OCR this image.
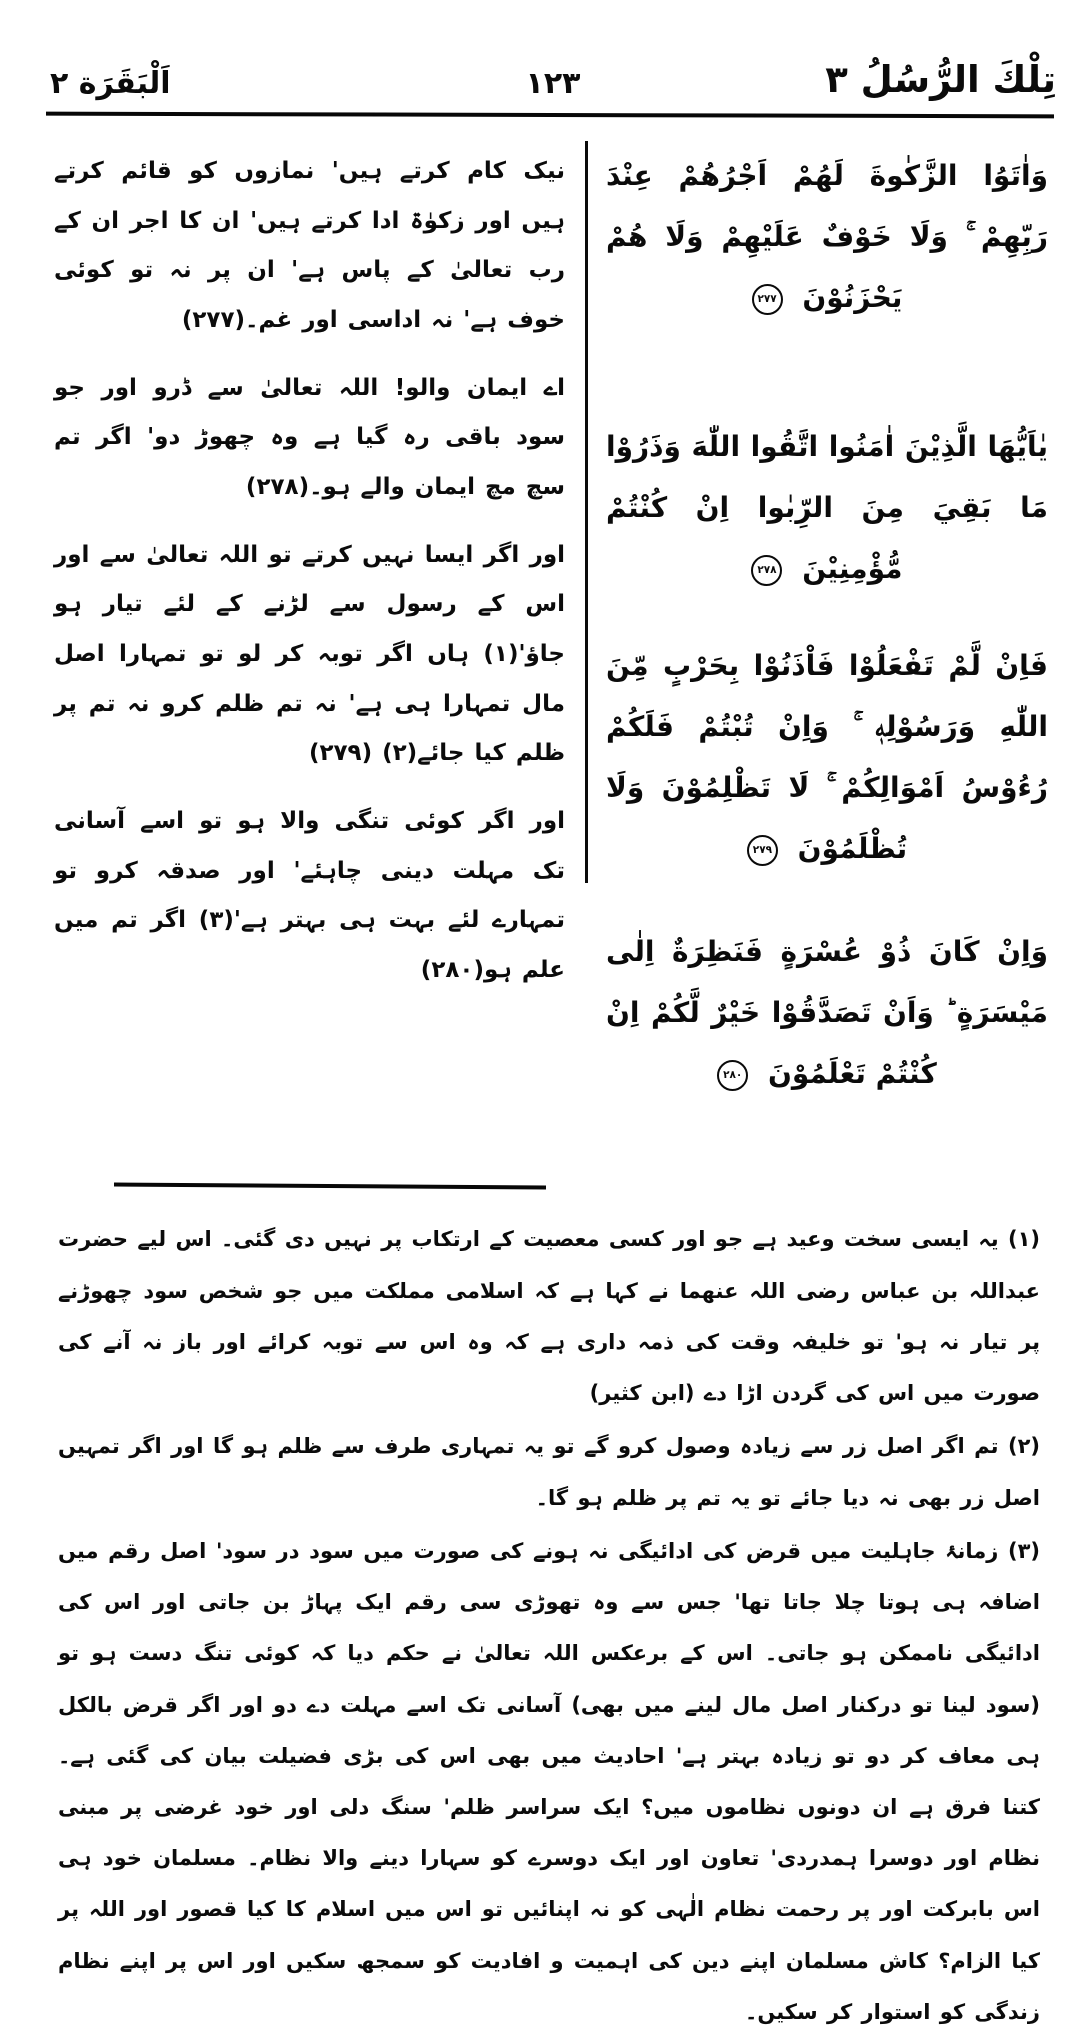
تِلْكَ الرُّسُلُ ۳
۱۲۳
اَلْبَقَرَة ۲
وَاٰتَوُا الزَّكٰوةَ لَهُمْ اَجْرُهُمْ عِنْدَ رَبِّهِمْ ۚ وَلَا خَوْفٌ عَلَيْهِمْ وَلَا هُمْ يَحْزَنُوْنَ
٢٧٧
يٰاَيُّهَا الَّذِيْنَ اٰمَنُوا اتَّقُوا اللّٰهَ وَذَرُوْا مَا بَقِيَ مِنَ الرِّبٰوا اِنْ كُنْتُمْ مُّؤْمِنِيْنَ
٢٧٨
فَاِنْ لَّمْ تَفْعَلُوْا فَاْذَنُوْا بِحَرْبٍ مِّنَ اللّٰهِ وَرَسُوْلِهٖ ۚ وَاِنْ تُبْتُمْ فَلَكُمْ رُءُوْسُ اَمْوَالِكُمْ ۚ لَا تَظْلِمُوْنَ وَلَا تُظْلَمُوْنَ
٢٧٩
وَاِنْ كَانَ ذُوْ عُسْرَةٍ فَنَظِرَةٌ اِلٰى مَيْسَرَةٍ ؕ وَاَنْ تَصَدَّقُوْا خَيْرٌ لَّكُمْ اِنْ كُنْتُمْ تَعْلَمُوْنَ
٢٨٠

نیک کام کرتے ہیں' نمازوں کو قائم کرتے ہیں اور زکوٰۃ ادا کرتے ہیں' ان کا اجر ان کے رب تعالیٰ کے پاس ہے' ان پر نہ تو کوئی خوف ہے' نہ اداسی اور غم۔(۲۷۷)

اے ایمان والو! اللہ تعالیٰ سے ڈرو اور جو سود باقی رہ گیا ہے وہ چھوڑ دو' اگر تم سچ مچ ایمان والے ہو۔(۲۷۸)

اور اگر ایسا نہیں کرتے تو اللہ تعالیٰ سے اور اس کے رسول سے لڑنے کے لئے تیار ہو جاؤ'(۱) ہاں اگر توبہ کر لو تو تمہارا اصل مال تمہارا ہی ہے' نہ تم ظلم کرو نہ تم پر ظلم کیا جائے(۲) (۲۷۹)

اور اگر کوئی تنگی والا ہو تو اسے آسانی تک مہلت دینی چاہئے' اور صدقہ کرو تو تمہارے لئے بہت ہی بہتر ہے'(۳) اگر تم میں علم ہو(۲۸۰)

(۱) یہ ایسی سخت وعید ہے جو اور کسی معصیت کے ارتکاب پر نہیں دی گئی۔ اس لیے حضرت عبداللہ بن عباس رضی اللہ عنھما نے کہا ہے کہ اسلامی مملکت میں جو شخص سود چھوڑنے پر تیار نہ ہو' تو خلیفہ وقت کی ذمہ داری ہے کہ وہ اس سے توبہ کرائے اور باز نہ آنے کی صورت میں اس کی گردن اڑا دے (ابن کثیر)

(۲) تم اگر اصل زر سے زیادہ وصول کرو گے تو یہ تمہاری طرف سے ظلم ہو گا اور اگر تمہیں اصل زر بھی نہ دیا جائے تو یہ تم پر ظلم ہو گا۔

(۳) زمانۂ جاہلیت میں قرض کی ادائیگی نہ ہونے کی صورت میں سود در سود' اصل رقم میں اضافہ ہی ہوتا چلا جاتا تھا' جس سے وہ تھوڑی سی رقم ایک پہاڑ بن جاتی اور اس کی ادائیگی ناممکن ہو جاتی۔ اس کے برعکس اللہ تعالیٰ نے حکم دیا کہ کوئی تنگ دست ہو تو (سود لینا تو درکنار اصل مال لینے میں بھی) آسانی تک اسے مہلت دے دو اور اگر قرض بالکل ہی معاف کر دو تو زیادہ بہتر ہے' احادیث میں بھی اس کی بڑی فضیلت بیان کی گئی ہے۔ کتنا فرق ہے ان دونوں نظاموں میں؟ ایک سراسر ظلم' سنگ دلی اور خود غرضی پر مبنی نظام اور دوسرا ہمدردی' تعاون اور ایک دوسرے کو سہارا دینے والا نظام۔ مسلمان خود ہی اس بابرکت اور پر رحمت نظام الٰہی کو نہ اپنائیں تو اس میں اسلام کا کیا قصور اور اللہ پر کیا الزام؟ کاش مسلمان اپنے دین کی اہمیت و افادیت کو سمجھ سکیں اور اس پر اپنے نظام زندگی کو استوار کر سکیں۔
